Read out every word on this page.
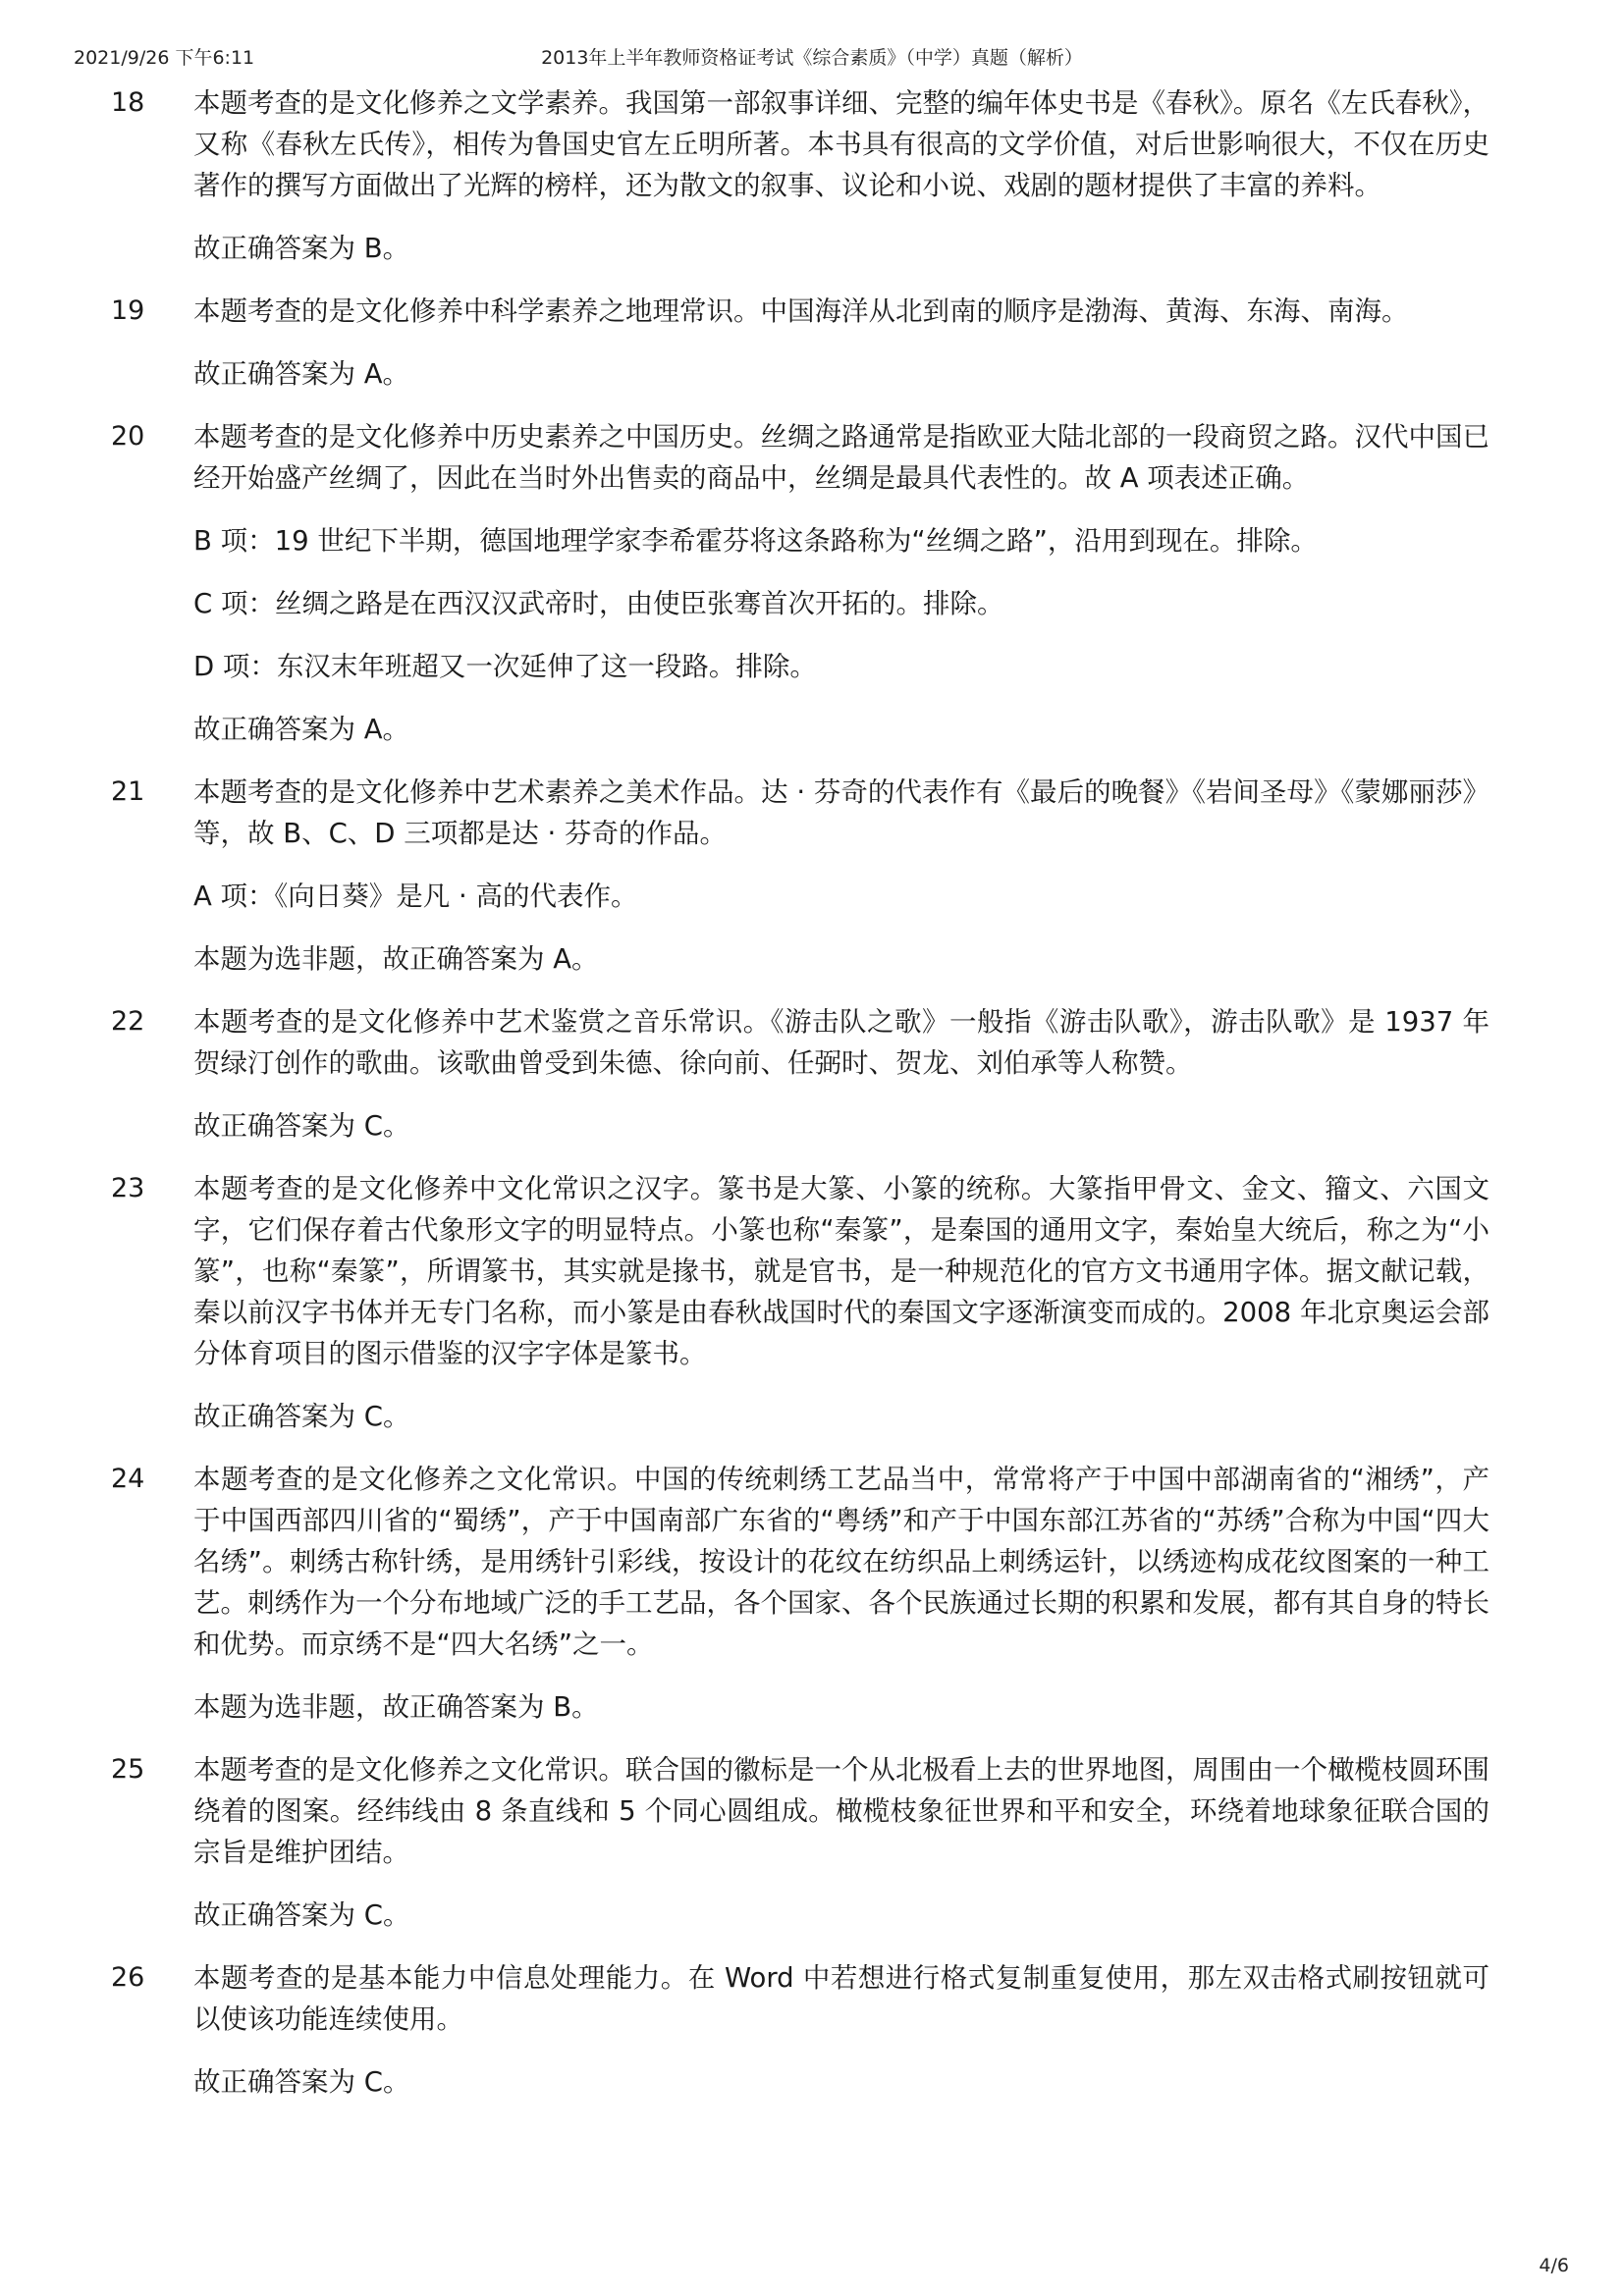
2021/9/26 下午6:11	2013年上半年教师资格证考试《综合素质》（中学）真题（解析）
18	本题考查的是文化修养之文学素养。我国第一部叙事详细、完整的编年体史书是《春秋》。原名《左氏春秋》，又称《春秋左氏传》，相传为鲁国史官左丘明所著。本书具有很高的文学价值，对后世影响很大，不仅在历史著作的撰写方面做出了光辉的榜样，还为散文的叙事、议论和小说、戏剧的题材提供了丰富的养料。

故正确答案为 B。

19	本题考查的是文化修养中科学素养之地理常识。中国海洋从北到南的顺序是渤海、黄海、东海、南海。

故正确答案为 A。

20	本题考查的是文化修养中历史素养之中国历史。丝绸之路通常是指欧亚大陆北部的一段商贸之路。汉代中国已经开始盛产丝绸了，因此在当时外出售卖的商品中，丝绸是最具代表性的。故 A 项表述正确。

B 项：19 世纪下半期，德国地理学家李希霍芬将这条路称为“丝绸之路”，沿用到现在。排除。

C 项：丝绸之路是在西汉汉武帝时，由使臣张骞首次开拓的。排除。

D 项：东汉末年班超又一次延伸了这一段路。排除。

故正确答案为 A。

21	本题考查的是文化修养中艺术素养之美术作品。达 · 芬奇的代表作有《最后的晚餐》《岩间圣母》《蒙娜丽莎》等，故 B、C、D 三项都是达 · 芬奇的作品。

A 项：《向日葵》是凡 · 高的代表作。

本题为选非题，故正确答案为 A。

22	本题考查的是文化修养中艺术鉴赏之音乐常识。《游击队之歌》一般指《游击队歌》，游击队歌》是 1937 年贺绿汀创作的歌曲。该歌曲曾受到朱德、徐向前、任弼时、贺龙、刘伯承等人称赞。

故正确答案为 C。

23	本题考查的是文化修养中文化常识之汉字。篆书是大篆、小篆的统称。大篆指甲骨文、金文、籀文、六国文字，它们保存着古代象形文字的明显特点。小篆也称“秦篆”，是秦国的通用文字，秦始皇大统后，称之为“小篆”，也称“秦篆”，所谓篆书，其实就是掾书，就是官书，是一种规范化的官方文书通用字体。据文献记载，秦以前汉字书体并无专门名称，而小篆是由春秋战国时代的秦国文字逐渐演变而成的。2008 年北京奥运会部分体育项目的图示借鉴的汉字字体是篆书。

故正确答案为 C。

24	本题考查的是文化修养之文化常识。中国的传统刺绣工艺品当中，常常将产于中国中部湖南省的“湘绣”，产于中国西部四川省的“蜀绣”，产于中国南部广东省的“粤绣”和产于中国东部江苏省的“苏绣”合称为中国“四大名绣”。刺绣古称针绣，是用绣针引彩线，按设计的花纹在纺织品上刺绣运针，以绣迹构成花纹图案的一种工艺。刺绣作为一个分布地域广泛的手工艺品，各个国家、各个民族通过长期的积累和发展，都有其自身的特长和优势。而京绣不是“四大名绣”之一。

本题为选非题，故正确答案为 B。

25	本题考查的是文化修养之文化常识。联合国的徽标是一个从北极看上去的世界地图，周围由一个橄榄枝圆环围绕着的图案。经纬线由 8 条直线和 5 个同心圆组成。橄榄枝象征世界和平和安全，环绕着地球象征联合国的宗旨是维护团结。

故正确答案为 C。

26	本题考查的是基本能力中信息处理能力。在 Word 中若想进行格式复制重复使用，那左双击格式刷按钮就可以使该功能连续使用。

故正确答案为 C。

4/6
